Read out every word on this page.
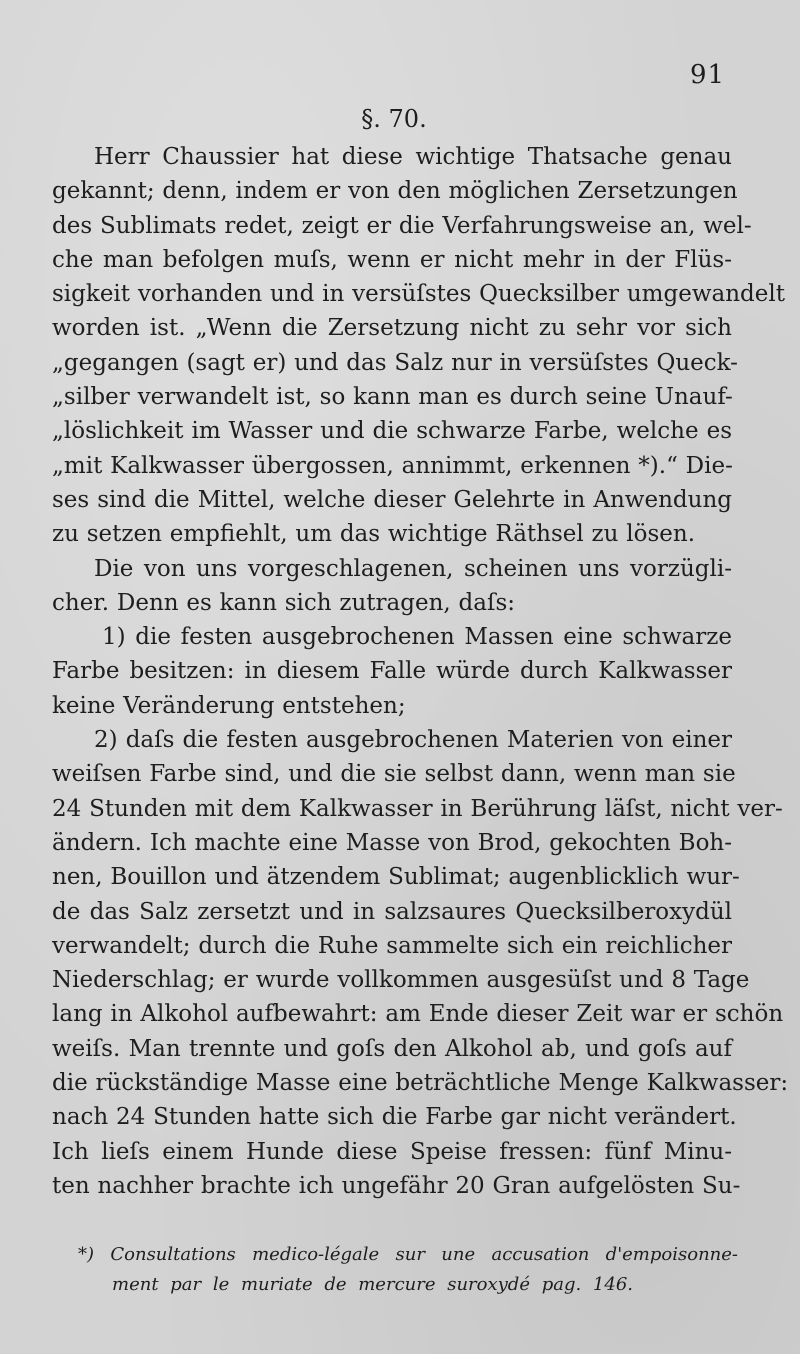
91
§. 70.
Herr Chaussier hat diese wichtige Thatsache genau
gekannt; denn, indem er von den möglichen Zersetzungen
des Sublimats redet, zeigt er die Verfahrungsweise an, wel-
che man befolgen muſs, wenn er nicht mehr in der Flüs-
sigkeit vorhanden und in versüſstes Quecksilber umgewandelt
worden ist. „Wenn die Zersetzung nicht zu sehr vor sich
„gegangen (sagt er) und das Salz nur in versüſstes Queck-
„silber verwandelt ist, so kann man es durch seine Unauf-
„löslichkeit im Wasser und die schwarze Farbe, welche es
„mit Kalkwasser übergossen, annimmt, erkennen *).“ Die-
ses sind die Mittel, welche dieser Gelehrte in Anwendung
zu setzen empfiehlt, um das wichtige Räthsel zu lösen.
Die von uns vorgeschlagenen, scheinen uns vorzügli-
cher. Denn es kann sich zutragen, daſs:
1) die festen ausgebrochenen Massen eine schwarze
Farbe besitzen: in diesem Falle würde durch Kalkwasser
keine Veränderung entstehen;
2) daſs die festen ausgebrochenen Materien von einer
weiſsen Farbe sind, und die sie selbst dann, wenn man sie
24 Stunden mit dem Kalkwasser in Berührung läſst, nicht ver-
ändern. Ich machte eine Masse von Brod, gekochten Boh-
nen, Bouillon und ätzendem Sublimat; augenblicklich wur-
de das Salz zersetzt und in salzsaures Quecksilberoxydül
verwandelt; durch die Ruhe sammelte sich ein reichlicher
Niederschlag; er wurde vollkommen ausgesüſst und 8 Tage
lang in Alkohol aufbewahrt: am Ende dieser Zeit war er schön
weiſs. Man trennte und goſs den Alkohol ab, und goſs auf
die rückständige Masse eine beträchtliche Menge Kalkwasser:
nach 24 Stunden hatte sich die Farbe gar nicht verändert.
Ich lieſs einem Hunde diese Speise fressen: fünf Minu-
ten nachher brachte ich ungefähr 20 Gran aufgelösten Su-
*) Consultations medico-légale sur une accusation d'empoisonne-
ment par le muriate de mercure suroxydé pag. 146.
